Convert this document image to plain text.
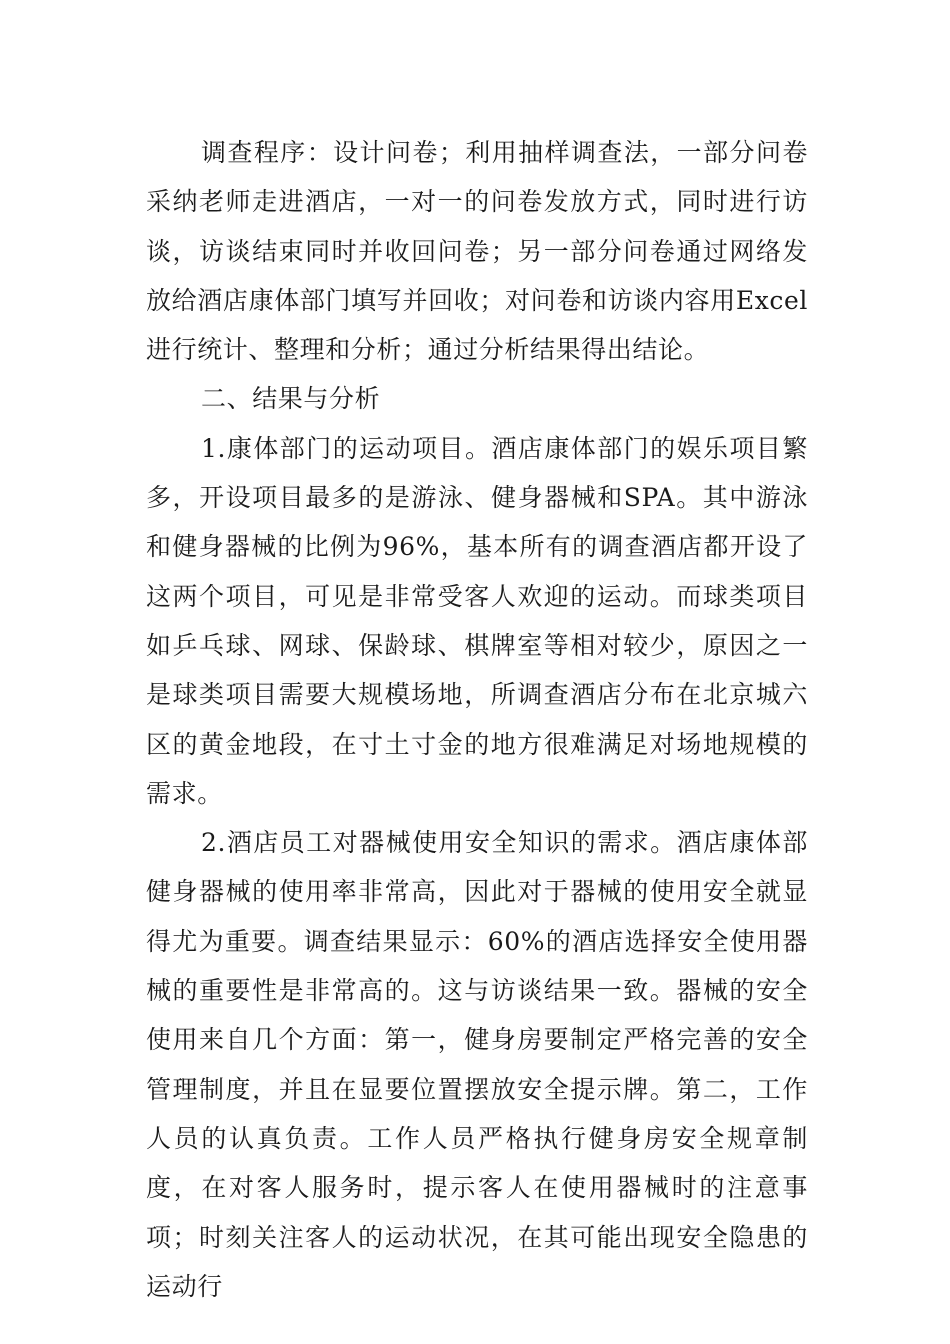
调查程序：设计问卷；利用抽样调查法，一部分问卷采纳老师走进酒店，一对一的问卷发放方式，同时进行访谈，访谈结束同时并收回问卷；另一部分问卷通过网络发放给酒店康体部门填写并回收；对问卷和访谈内容用Excel进行统计、整理和分析；通过分析结果得出结论。

二、结果与分析

1.康体部门的运动项目。酒店康体部门的娱乐项目繁多，开设项目最多的是游泳、健身器械和SPA。其中游泳和健身器械的比例为96%，基本所有的调查酒店都开设了这两个项目，可见是非常受客人欢迎的运动。而球类项目如乒乓球、网球、保龄球、棋牌室等相对较少，原因之一是球类项目需要大规模场地，所调查酒店分布在北京城六区的黄金地段，在寸土寸金的地方很难满足对场地规模的需求。

2.酒店员工对器械使用安全知识的需求。酒店康体部健身器械的使用率非常高，因此对于器械的使用安全就显得尤为重要。调查结果显示：60%的酒店选择安全使用器械的重要性是非常高的。这与访谈结果一致。器械的安全使用来自几个方面：第一，健身房要制定严格完善的安全管理制度，并且在显要位置摆放安全提示牌。第二，工作人员的认真负责。工作人员严格执行健身房安全规章制度，在对客人服务时，提示客人在使用器械时的注意事项；时刻关注客人的运动状况，在其可能出现安全隐患的运动行
